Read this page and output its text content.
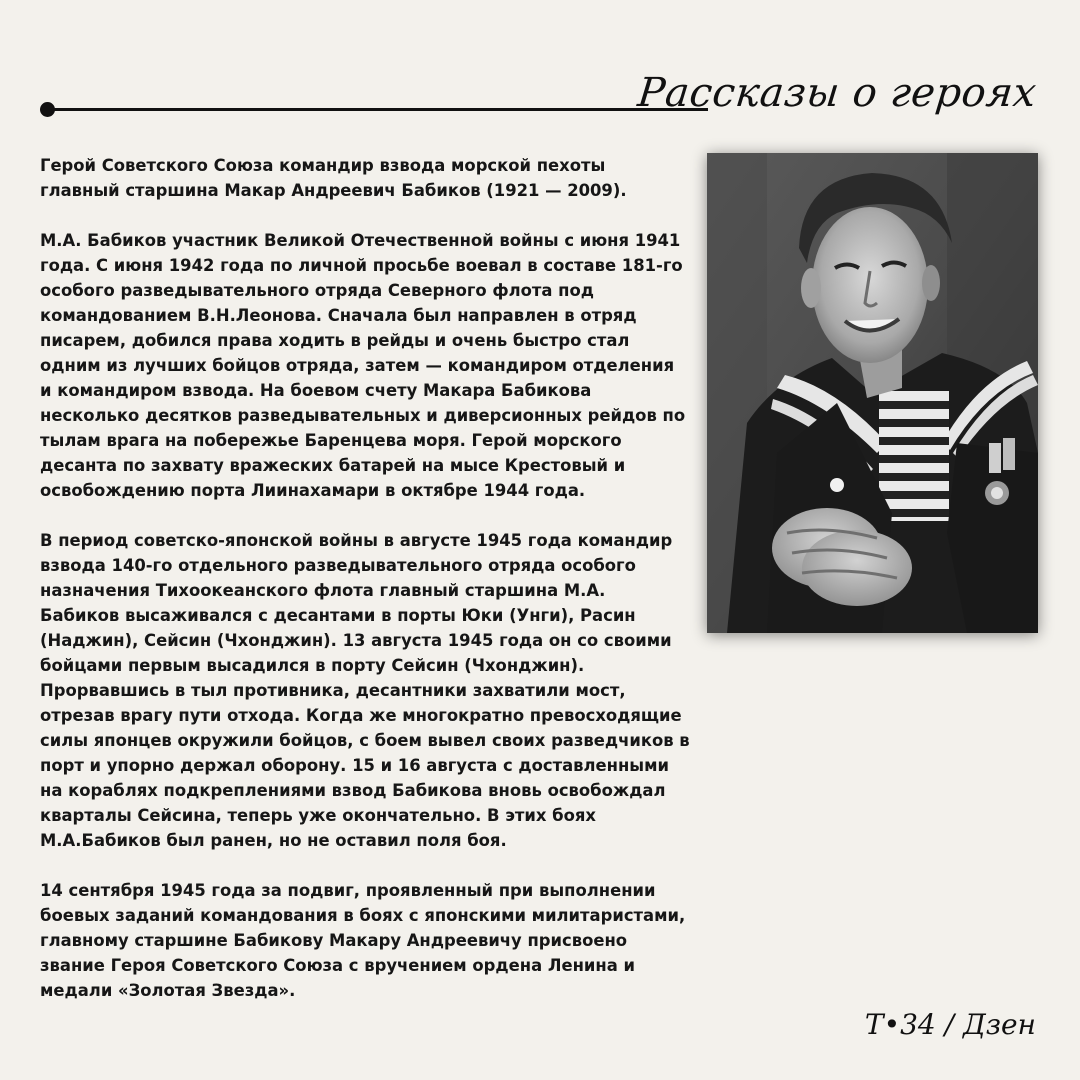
Рассказы о героях

Герой Советского Союза командир взвода морской пехоты главный старшина Макар Андреевич Бабиков (1921 — 2009).

М.А. Бабиков участник Великой Отечественной войны с июня 1941 года. С июня 1942 года по личной просьбе воевал в составе 181-го особого разведывательного отряда Северного флота под командованием В.Н.Леонова. Сначала был направлен в отряд писарем, добился права ходить в рейды и очень быстро стал одним из лучших бойцов отряда, затем — командиром отделения и командиром взвода. На боевом счету Макара Бабикова несколько десятков разведывательных и диверсионных рейдов по тылам врага на побережье Баренцева моря. Герой морского десанта по захвату вражеских батарей на мысе Крестовый и освобождению порта Лиинахамари в октябре 1944 года.

В период советско-японской войны в августе 1945 года командир взвода 140-го отдельного разведывательного отряда особого назначения Тихоокеанского флота главный старшина М.А. Бабиков высаживался с десантами в порты Юки (Унги), Расин (Наджин), Сейсин (Чхонджин). 13 августа 1945 года он со своими бойцами первым высадился в порту Сейсин (Чхонджин). Прорвавшись в тыл противника, десантники захватили мост, отрезав врагу пути отхода. Когда же многократно превосходящие силы японцев окружили бойцов, с боем вывел своих разведчиков в порт и упорно держал оборону. 15 и 16 августа с доставленными на кораблях подкреплениями взвод Бабикова вновь освобождал кварталы Сейсина, теперь уже окончательно. В этих боях М.А.Бабиков был ранен, но не оставил поля боя.

14 сентября 1945 года за подвиг, проявленный при выполнении боевых заданий командования в боях с японскими милитаристами, главному старшине Бабикову Макару Андреевичу присвоено звание Героя Советского Союза с вручением ордена Ленина и медали «Золотая Звезда».

Т•34 / Дзен
